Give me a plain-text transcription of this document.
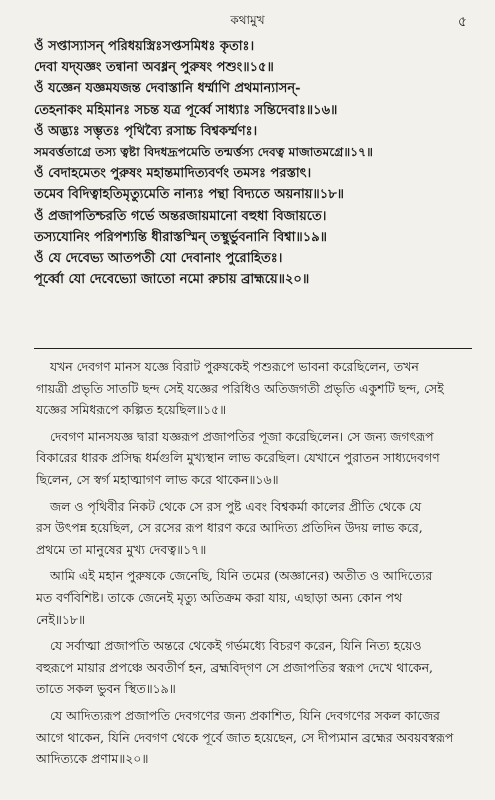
কথামুখ	৫
ওঁ সপ্তাস্যাসন্ পরিধয়স্ত্রিঃসপ্তসমিধঃ কৃতাঃ।
দেবা যদ্‌যজ্ঞং তন্বানা অবধ্নন্ পুরুষং পশুং॥১৫॥
ওঁ যজ্ঞেন যজ্ঞমযজন্ত দেবাস্তানি ধর্ম্মাণি প্রথমান্যাসন্-
তেহনাকং মহিমানঃ সচন্ত যত্র পূর্ব্বে সাধ্যাঃ সন্তিদেবাঃ॥১৬॥
ওঁ অদ্ভ্যঃ সম্ভৃতঃ পৃথিব্যৈ রসাচ্চ বিশ্বকর্ম্মণঃ।
সমবর্ত্ততাগ্রে তস্য ত্বষ্টা বিদধদ্রূপমেতি তন্মর্ত্তস্য দেবত্ব মাজাতমগ্রে॥১৭॥
ওঁ বেদাহমেতং পুরুষং মহান্তমাদিত্যবর্ণং তমসঃ পরস্তাৎ।
তমেব বিদিত্বাহতিমৃত্যুমেতি নান্যঃ পন্থা বিদ্যতে অয়নায়॥১৮॥
ওঁ প্রজাপতিশ্চরতি গর্ভে অন্তরজায়মানো বহুধা বিজায়তে।
তস্যযোনিং পরিপশ্যন্তি ধীরাস্তস্মিন্ তস্থুর্ভুবনানি বিশ্বা॥১৯॥
ওঁ যে দেবেভ্য আতপতী যো দেবানাং পুরোহিতঃ।
পূর্ব্বো যো দেবেভ্যো জাতো নমো রুচায় ব্রাহ্ময়ে॥২০॥

যখন দেবগণ মানস যজ্ঞে বিরাট পুরুষকেই পশুরূপে ভাবনা করেছিলেন, তখন
গায়ত্রী প্রভৃতি সাতটি ছন্দ সেই যজ্ঞের পরিধিও অতিজগতী প্রভৃতি একুশটি ছন্দ, সেই
যজ্ঞের সমিধরূপে কল্পিত হয়েছিল॥১৫॥

দেবগণ মানসযজ্ঞ দ্বারা যজ্ঞরূপ প্রজাপতির পূজা করেছিলেন। সে জন্য জগৎরূপ
বিকারের ধারক প্রসিদ্ধ ধর্মগুলি মুখ্যস্থান লাভ করেছিল। যেখানে পুরাতন সাধ্যদেবগণ
ছিলেন, সে স্বর্গ মহাত্মাগণ লাভ করে থাকেন॥১৬॥

জল ও পৃথিবীর নিকট থেকে সে রস পুষ্ট এবং বিশ্বকর্মা কালের প্রীতি থেকে যে
রস উৎপন্ন হয়েছিল, সে রসের রূপ ধারণ করে আদিত্য প্রতিদিন উদয় লাভ করে,
প্রথমে তা মানুষের মুখ্য দেবত্ব॥১৭॥

আমি এই মহান পুরুষকে জেনেছি, যিনি তমের (অজ্ঞানের) অতীত ও আদিত্যের
মত বর্ণবিশিষ্ট। তাকে জেনেই মৃত্যু অতিক্রম করা যায়, এছাড়া অন্য কোন পথ
নেই॥১৮॥

যে সর্বাত্মা প্রজাপতি অন্তরে থেকেই গর্ভমধ্যে বিচরণ করেন, যিনি নিত্য হয়েও
বহুরূপে মায়ার প্রপঞ্চে অবতীর্ণ হন, ব্রহ্মবিদ্‌গণ সে প্রজাপতির স্বরূপ দেখে থাকেন,
তাতে সকল ভুবন স্থিত॥১৯॥

যে আদিত্যরূপ প্রজাপতি দেবগণের জন্য প্রকাশিত, যিনি দেবগণের সকল কাজের
আগে থাকেন, যিনি দেবগণ থেকে পূর্বে জাত হয়েছেন, সে দীপ্যমান ব্রহ্মের অবয়বস্বরূপ
আদিত্যকে প্রণাম॥২০॥
